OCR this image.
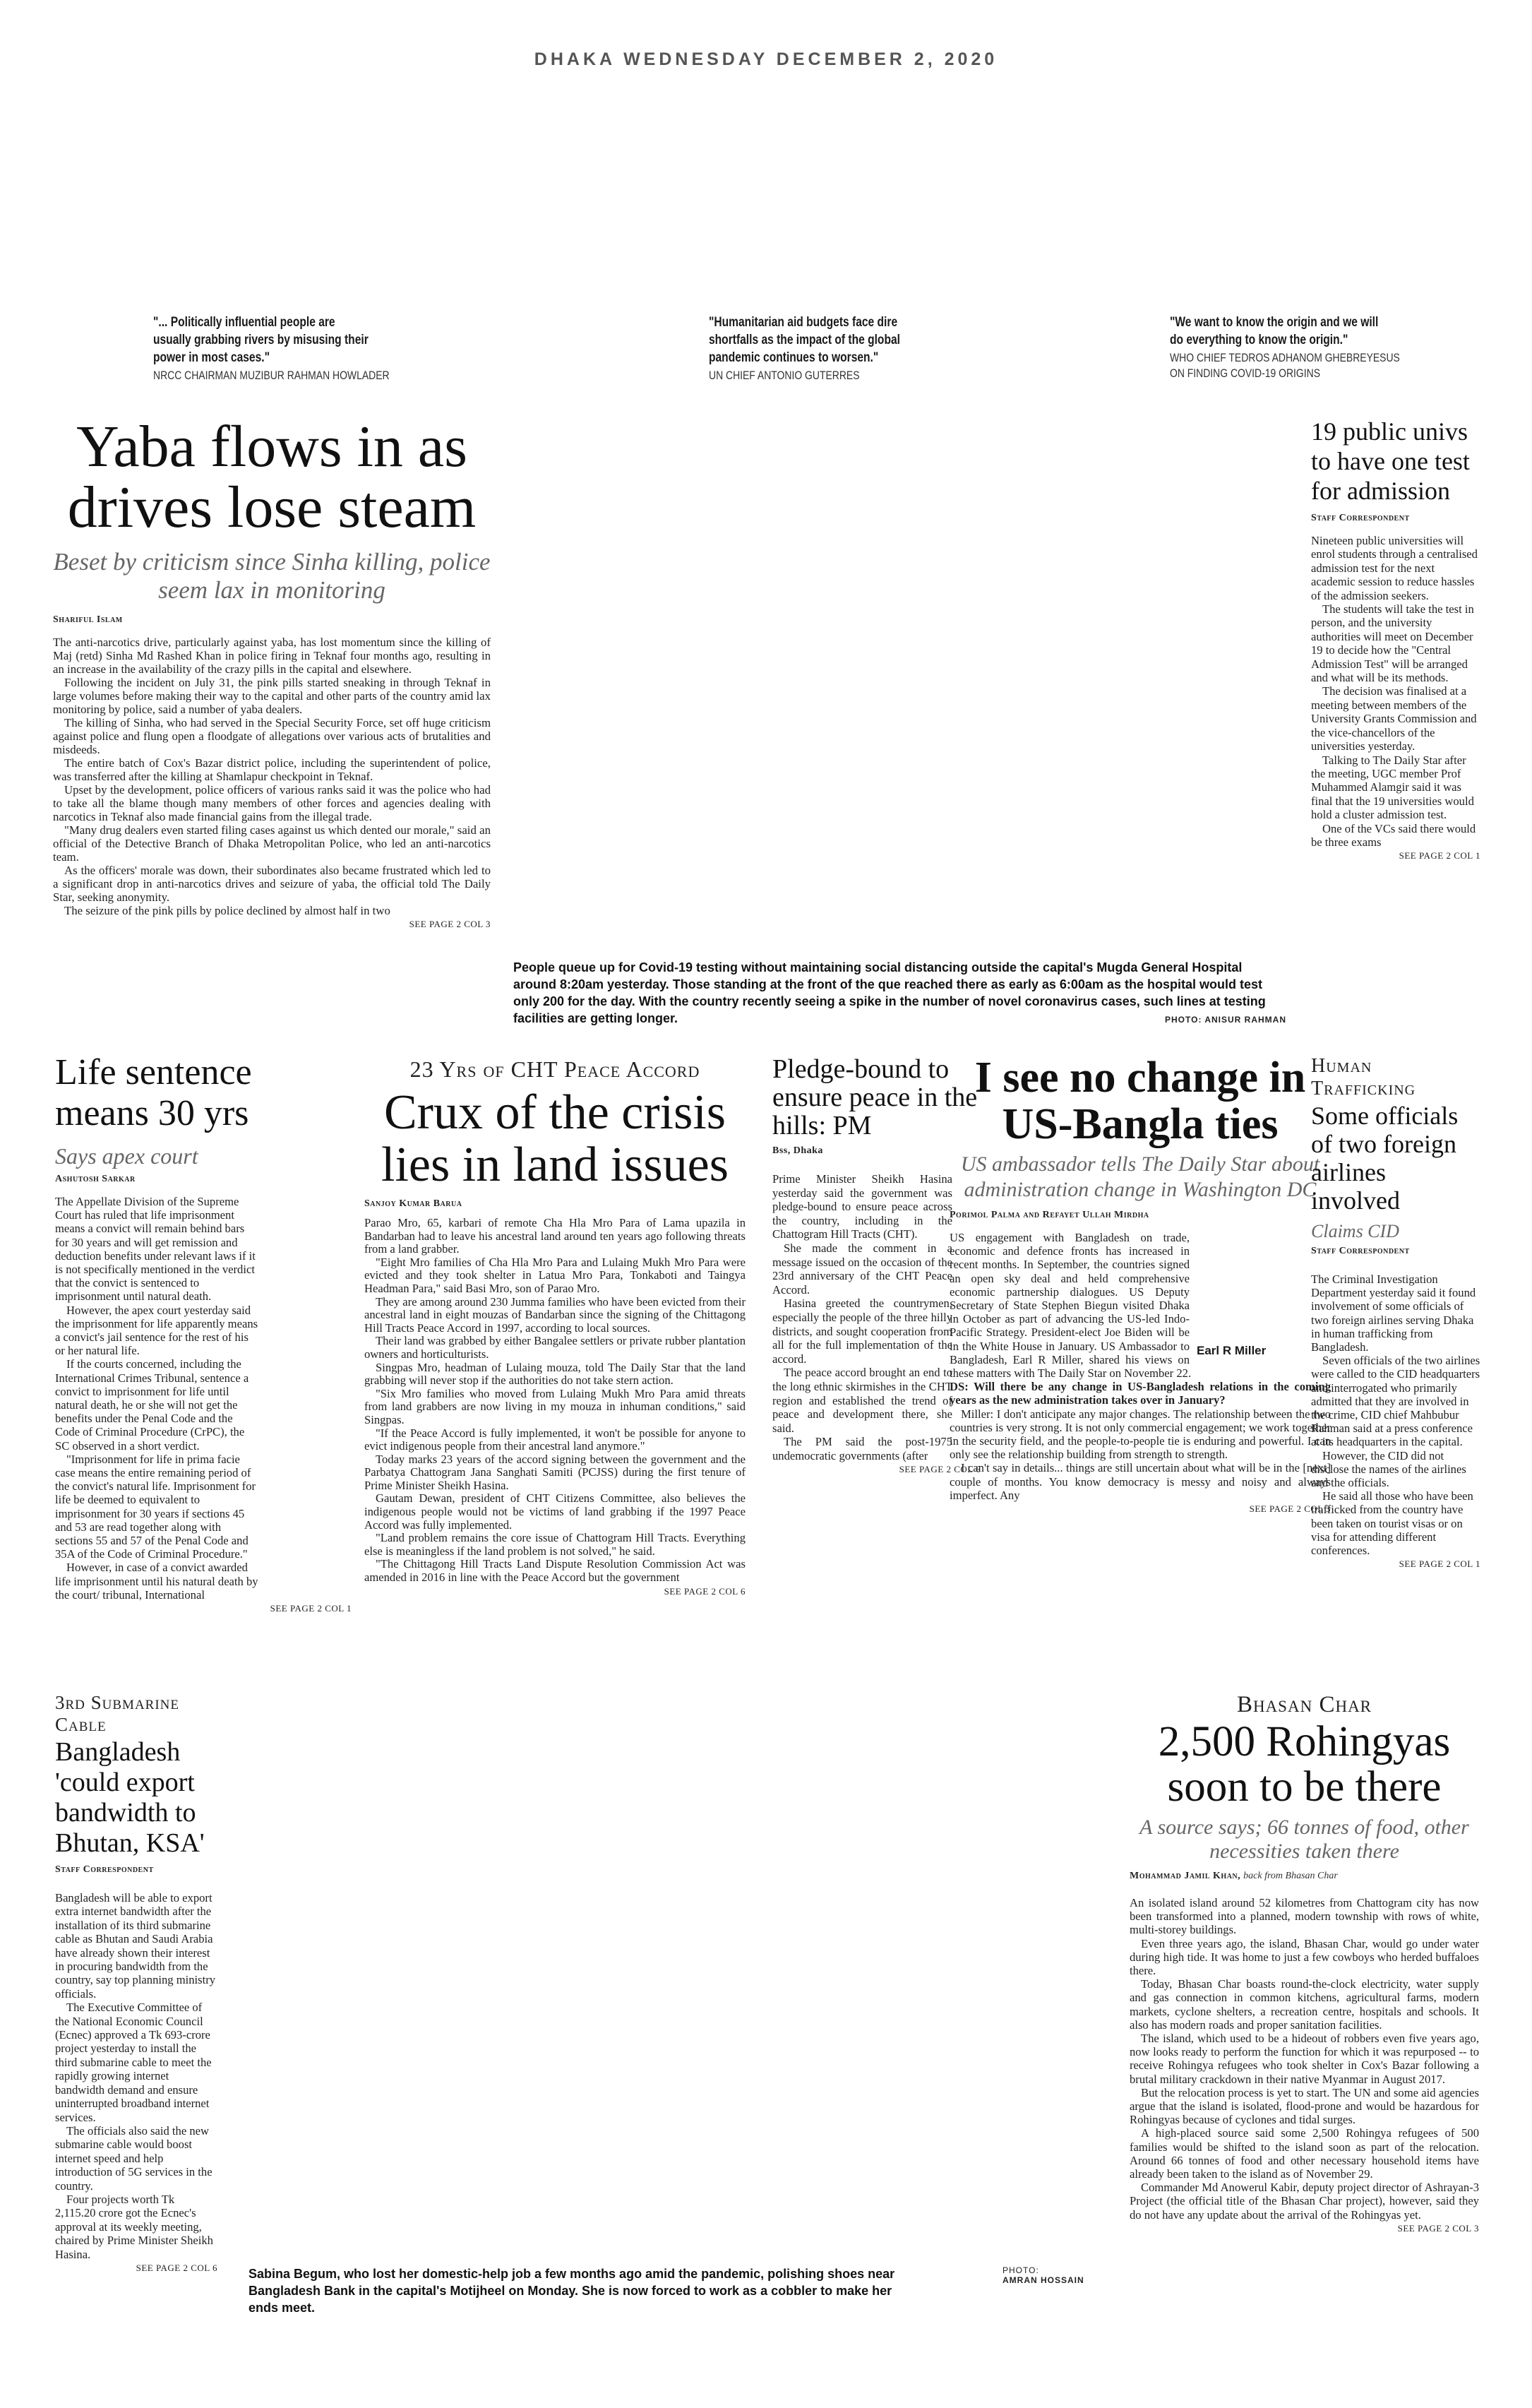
DHAKA WEDNESDAY DECEMBER 2, 2020
"... Politically influential people are usually grabbing rivers by misusing their power in most cases."
NRCC CHAIRMAN MUZIBUR RAHMAN HOWLADER
"Humanitarian aid budgets face dire shortfalls as the impact of the global pandemic continues to worsen."
UN CHIEF ANTONIO GUTERRES
"We want to know the origin and we will do everything to know the origin."
WHO CHIEF TEDROS ADHANOM GHEBREYESUS ON FINDING COVID-19 ORIGINS
Yaba flows in as drives lose steam
Beset by criticism since Sinha killing, police seem lax in monitoring
Shariful Islam

The anti-narcotics drive, particularly against yaba, has lost momentum since the killing of Maj (retd) Sinha Md Rashed Khan in police firing in Teknaf four months ago, resulting in an increase in the availability of the crazy pills in the capital and elsewhere.

Following the incident on July 31, the pink pills started sneaking in through Teknaf in large volumes before making their way to the capital and other parts of the country amid lax monitoring by police, said a number of yaba dealers.

The killing of Sinha, who had served in the Special Security Force, set off huge criticism against police and flung open a floodgate of allegations over various acts of brutalities and misdeeds.

The entire batch of Cox's Bazar district police, including the superintendent of police, was transferred after the killing at Shamlapur checkpoint in Teknaf.

Upset by the development, police officers of various ranks said it was the police who had to take all the blame though many members of other forces and agencies dealing with narcotics in Teknaf also made financial gains from the illegal trade.

"Many drug dealers even started filing cases against us which dented our morale," said an official of the Detective Branch of Dhaka Metropolitan Police, who led an anti-narcotics team.

As the officers' morale was down, their subordinates also became frustrated which led to a significant drop in anti-narcotics drives and seizure of yaba, the official told The Daily Star, seeking anonymity.

The seizure of the pink pills by police declined by almost half in two

SEE PAGE 2 COL 3
People queue up for Covid-19 testing without maintaining social distancing outside the capital's Mugda General Hospital around 8:20am yesterday. Those standing at the front of the que reached there as early as 6:00am as the hospital would test only 200 for the day. With the country recently seeing a spike in the number of novel coronavirus cases, such lines at testing facilities are getting longer.	PHOTO: ANISUR RAHMAN
19 public univs to have one test for admission
Staff Correspondent

Nineteen public universities will enrol students through a centralised admission test for the next academic session to reduce hassles of the admission seekers.

The students will take the test in person, and the university authorities will meet on December 19 to decide how the "Central Admission Test" will be arranged and what will be its methods.

The decision was finalised at a meeting between members of the University Grants Commission and the vice-chancellors of the universities yesterday.

Talking to The Daily Star after the meeting, UGC member Prof Muhammed Alamgir said it was final that the 19 universities would hold a cluster admission test.

One of the VCs said there would be three exams

SEE PAGE 2 COL 1
Life sentence means 30 yrs
Says apex court
Ashutosh Sarkar

The Appellate Division of the Supreme Court has ruled that life imprisonment means a convict will remain behind bars for 30 years and will get remission and deduction benefits under relevant laws if it is not specifically mentioned in the verdict that the convict is sentenced to imprisonment until natural death.

However, the apex court yesterday said the imprisonment for life apparently means a convict's jail sentence for the rest of his or her natural life.

If the courts concerned, including the International Crimes Tribunal, sentence a convict to imprisonment for life until natural death, he or she will not get the benefits under the Penal Code and the Code of Criminal Procedure (CrPC), the SC observed in a short verdict.

"Imprisonment for life in prima facie case means the entire remaining period of the convict's natural life. Imprisonment for life be deemed to equivalent to imprisonment for 30 years if sections 45 and 53 are read together along with sections 55 and 57 of the Penal Code and 35A of the Code of Criminal Procedure."

However, in case of a convict awarded life imprisonment until his natural death by the court/ tribunal, International

SEE PAGE 2 COL 1
23 Yrs of CHT Peace Accord
Crux of the crisis lies in land issues
Sanjoy Kumar Barua

Parao Mro, 65, karbari of remote Cha Hla Mro Para of Lama upazila in Bandarban had to leave his ancestral land around ten years ago following threats from a land grabber.

"Eight Mro families of Cha Hla Mro Para and Lulaing Mukh Mro Para were evicted and they took shelter in Latua Mro Para, Tonkaboti and Taingya Headman Para," said Basi Mro, son of Parao Mro.

They are among around 230 Jumma families who have been evicted from their ancestral land in eight mouzas of Bandarban since the signing of the Chittagong Hill Tracts Peace Accord in 1997, according to local sources.

Their land was grabbed by either Bangalee settlers or private rubber plantation owners and horticulturists.

Singpas Mro, headman of Lulaing mouza, told The Daily Star that the land grabbing will never stop if the authorities do not take stern action.

"Six Mro families who moved from Lulaing Mukh Mro Para amid threats from land grabbers are now living in my mouza in inhuman conditions," said Singpas.

"If the Peace Accord is fully implemented, it won't be possible for anyone to evict indigenous people from their ancestral land anymore."

Today marks 23 years of the accord signing between the government and the Parbatya Chattogram Jana Sanghati Samiti (PCJSS) during the first tenure of Prime Minister Sheikh Hasina.

Gautam Dewan, president of CHT Citizens Committee, also believes the indigenous people would not be victims of land grabbing if the 1997 Peace Accord was fully implemented.

"Land problem remains the core issue of Chattogram Hill Tracts. Everything else is meaningless if the land problem is not solved," he said.

"The Chittagong Hill Tracts Land Dispute Resolution Commission Act was amended in 2016 in line with the Peace Accord but the government

SEE PAGE 2 COL 6
Pledge-bound to ensure peace in the hills: PM
Bss, Dhaka

Prime Minister Sheikh Hasina yesterday said the government was pledge-bound to ensure peace across the country, including in the Chattogram Hill Tracts (CHT).

She made the comment in a message issued on the occasion of the 23rd anniversary of the CHT Peace Accord.

Hasina greeted the countrymen, especially the people of the three hilly districts, and sought cooperation from all for the full implementation of the accord.

The peace accord brought an end to the long ethnic skirmishes in the CHT region and established the trend of peace and development there, she said.

The PM said the post-1975 undemocratic governments (after

SEE PAGE 2 COL 6
I see no change in US-Bangla ties
US ambassador tells The Daily Star about administration change in Washington DC
Porimol Palma and Refayet Ullah Mirdha
Earl R Miller

US engagement with Bangladesh on trade, economic and defence fronts has increased in recent months. In September, the countries signed an open sky deal and held comprehensive economic partnership dialogues. US Deputy Secretary of State Stephen Biegun visited Dhaka in October as part of advancing the US-led Indo-Pacific Strategy. President-elect Joe Biden will be in the White House in January. US Ambassador to Bangladesh, Earl R Miller, shared his views on these matters with The Daily Star on November 22.

DS: Will there be any change in US-Bangladesh relations in the coming years as the new administration takes over in January?

Miller: I don't anticipate any major changes. The relationship between the two countries is very strong. It is not only commercial engagement; we work together in the security field, and the people-to-people tie is enduring and powerful. I can only see the relationship building from strength to strength.

I can't say in details... things are still uncertain about what will be in the [next] couple of months. You know democracy is messy and noisy and always imperfect. Any

SEE PAGE 2 COL 3
Human Trafficking
Some officials of two foreign airlines involved
Claims CID
Staff Correspondent

The Criminal Investigation Department yesterday said it found involvement of some officials of two foreign airlines serving Dhaka in human trafficking from Bangladesh.

Seven officials of the two airlines were called to the CID headquarters and interrogated who primarily admitted that they are involved in the crime, CID chief Mahbubur Rahman said at a press conference at its headquarters in the capital.

However, the CID did not disclose the names of the airlines and the officials.

He said all those who have been trafficked from the country have been taken on tourist visas or on visa for attending different conferences.

SEE PAGE 2 COL 1
3rd Submarine Cable
Bangladesh 'could export bandwidth to Bhutan, KSA'
Staff Correspondent

Bangladesh will be able to export extra internet bandwidth after the installation of its third submarine cable as Bhutan and Saudi Arabia have already shown their interest in procuring bandwidth from the country, say top planning ministry officials.

The Executive Committee of the National Economic Council (Ecnec) approved a Tk 693-crore project yesterday to install the third submarine cable to meet the rapidly growing internet bandwidth demand and ensure uninterrupted broadband internet services.

The officials also said the new submarine cable would boost internet speed and help introduction of 5G services in the country.

Four projects worth Tk 2,115.20 crore got the Ecnec's approval at its weekly meeting, chaired by Prime Minister Sheikh Hasina.

SEE PAGE 2 COL 6 Sabina Begum, who lost her domestic-help job a few months ago amid the pandemic, polishing shoes near Bangladesh Bank in the capital's Motijheel on Monday. She is now forced to work as a cobbler to make her ends meet.
PHOTO:
AMRAN HOSSAIN
Bhasan Char
2,500 Rohingyas soon to be there
A source says; 66 tonnes of food, other necessities taken there
Mohammad Jamil Khan, back from Bhasan Char

An isolated island around 52 kilometres from Chattogram city has now been transformed into a planned, modern township with rows of white, multi-storey buildings.

Even three years ago, the island, Bhasan Char, would go under water during high tide. It was home to just a few cowboys who herded buffaloes there.

Today, Bhasan Char boasts round-the-clock electricity, water supply and gas connection in common kitchens, agricultural farms, modern markets, cyclone shelters, a recreation centre, hospitals and schools. It also has modern roads and proper sanitation facilities.

The island, which used to be a hideout of robbers even five years ago, now looks ready to perform the function for which it was repurposed -- to receive Rohingya refugees who took shelter in Cox's Bazar following a brutal military crackdown in their native Myanmar in August 2017.

But the relocation process is yet to start. The UN and some aid agencies argue that the island is isolated, flood-prone and would be hazardous for Rohingyas because of cyclones and tidal surges.

A high-placed source said some 2,500 Rohingya refugees of 500 families would be shifted to the island soon as part of the relocation. Around 66 tonnes of food and other necessary household items have already been taken to the island as of November 29.

Commander Md Anowerul Kabir, deputy project director of Ashrayan-3 Project (the official title of the Bhasan Char project), however, said they do not have any update about the arrival of the Rohingyas yet.

SEE PAGE 2 COL 3
